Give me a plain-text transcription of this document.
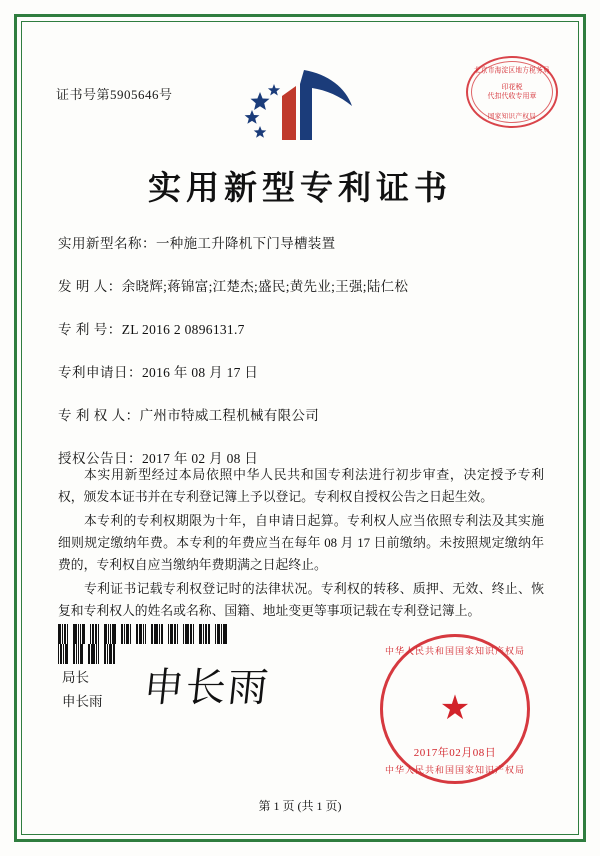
证书号第5905646号
北京市海淀区地方税务局
印花税
代扣代收专用章
国家知识产权局
实用新型专利证书
实用新型名称： 一种施工升降机下门导槽装置
发 明 人： 余晓辉;蒋锦富;江楚杰;盛民;黄先业;王强;陆仁松
专 利 号： ZL 2016 2 0896131.7
专利申请日： 2016 年 08 月 17 日
专 利 权 人： 广州市特威工程机械有限公司
授权公告日： 2017 年 02 月 08 日

本实用新型经过本局依照中华人民共和国专利法进行初步审查，决定授予专利权，颁发本证书并在专利登记簿上予以登记。专利权自授权公告之日起生效。

本专利的专利权期限为十年，自申请日起算。专利权人应当依照专利法及其实施细则规定缴纳年费。本专利的年费应当在每年 08 月 17 日前缴纳。未按照规定缴纳年费的，专利权自应当缴纳年费期满之日起终止。

专利证书记载专利权登记时的法律状况。专利权的转移、质押、无效、终止、恢复和专利权人的姓名或名称、国籍、地址变更等事项记载在专利登记簿上。

局长
申长雨 申长雨
中华人民共和国国家知识产权局
★
2017年02月08日
中华人民共和国国家知识产权局
第 1 页 (共 1 页)
